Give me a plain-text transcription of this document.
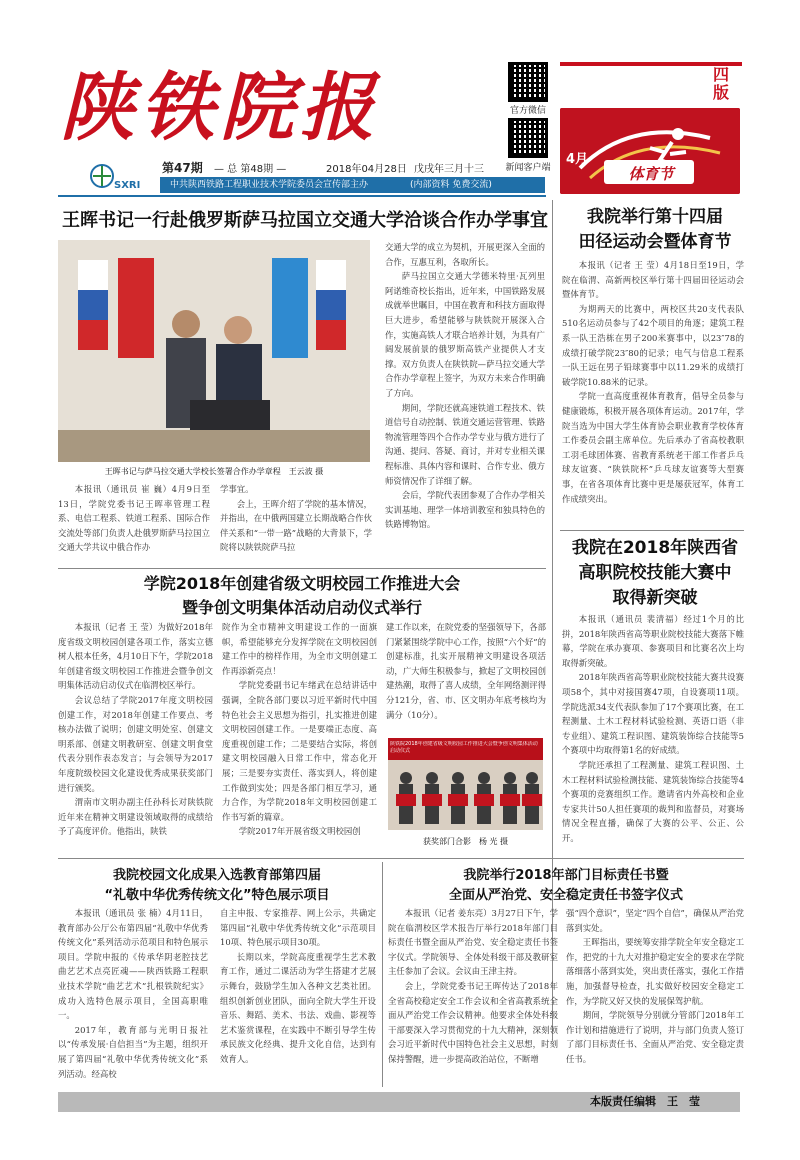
陕铁院报	官方微信
新闻客户端
四版
4月
体育节
SXRI
第47期 — 总 第48期 —	2018年04月28日 戊戌年三月十三
中共陕西铁路工程职业技术学院委员会宣传部主办	(内部资料 免费交流)
王晖书记一行赴俄罗斯萨马拉国立交通大学洽谈合作办学事宜
王晖书记与萨马拉交通大学校长签署合作办学章程　王云波 摄

本报讯（通讯员 崔 巍）4月9日至13日，学院党委书记王晖率管理工程系、电信工程系、铁道工程系、国际合作交流处等部门负责人赴俄罗斯萨马拉国立交通大学共议中俄合作办

学事宜。

会上，王晖介绍了学院的基本情况，并指出，在中俄两国建立长期战略合作伙伴关系和“一带一路”战略的大背景下，学院将以陕铁院萨马拉

交通大学的成立为契机，开展更深入全面的合作，互惠互利，各取所长。

萨马拉国立交通大学德米特里·瓦列里阿诺维奇校长指出，近年来，中国铁路发展成就举世瞩目，中国在教育和科技方面取得巨大进步，希望能够与陕铁院开展深入合作，实施高铁人才联合培养计划，为具有广阔发展前景的俄罗斯高铁产业提供人才支撑。双方负责人在陕铁院—萨马拉交通大学合作办学章程上签字，为双方未来合作明确了方向。

期间，学院还就高速铁道工程技术、铁道信号自动控制、铁道交通运营管理、铁路物流管理等四个合作办学专业与俄方进行了沟通、提问、答疑、商讨，并对专业相关课程标准、具体内容和课时、合作专业、俄方师资情况作了详细了解。

会后，学院代表团参观了合作办学相关实训基地、理学一体培训教室和独具特色的铁路博物馆。

我院举行第十四届
田径运动会暨体育节

本报讯（记者 王 莹）4月18日至19日，学院在临渭、高新两校区举行第十四届田径运动会暨体育节。

为期两天的比赛中，两校区共20支代表队510名运动员参与了42个项目的角逐；建筑工程系一队王浩栋在男子200米赛事中，以23″78的成绩打破学院23″80的记录；电气与信息工程系一队王远在男子铅球赛事中以11.29米的成绩打破学院10.88米的记录。

学院一直高度重视体育教育，倡导全员参与健康锻炼，积极开展各项体育运动。2017年，学院当选为中国大学生体育协会职业教育学校体育工作委员会副主席单位。先后承办了省高校教职工羽毛球团体赛、省教育系统老干部工作者乒乓球友谊赛、“陕铁院杯”乒乓球友谊赛等大型赛事，在省各项体育比赛中更是屡获冠军，体育工作成绩突出。

我院在2018年陕西省
高职院校技能大赛中
取得新突破

本报讯（通讯员 裴清福）经过1个月的比拼，2018年陕西省高等职业院校技能大赛落下帷幕，学院在承办赛项、参赛项目和比赛名次上均取得新突破。

2018年陕西省高等职业院校技能大赛共设赛项58个，其中对接国赛47项，自设赛项11项。学院选派34支代表队参加了17个赛项比赛，在工程测量、土木工程材料试验检测、英语口语（非专业组）、建筑工程识图、建筑装饰综合技能等5个赛项中均取得第1名的好成绩。

学院还承担了工程测量、建筑工程识图、土木工程材料试验检测技能、建筑装饰综合技能等4个赛项的竞赛组织工作。邀请省内外高校和企业专家共计50人担任赛项的裁判和监督员，对赛场情况全程直播，确保了大赛的公平、公正、公开。

学院2018年创建省级文明校园工作推进大会
暨争创文明集体活动启动仪式举行

本报讯（记者 王 莹）为做好2018年度省级文明校园创建各项工作，落实立德树人根本任务，4月10日下午，学院2018年创建省级文明校园工作推进会暨争创文明集体活动启动仪式在临渭校区举行。

会议总结了学院2017年度文明校园创建工作，对2018年创建工作要点、考核办法做了说明；创建文明处室、创建文明系部、创建文明教研室、创建文明食堂代表分别作表态发言；与会领导为2017年度院级校园文化建设优秀成果获奖部门进行颁奖。

渭南市文明办副主任孙科长对陕铁院近年来在精神文明建设领域取得的成绩给予了高度评价。他指出，陕铁

院作为全市精神文明建设工作的一面旗帜，希望能够充分发挥学院在文明校园创建工作中的榜样作用，为全市文明创建工作再添新亮点！

学院党委副书记车绪武在总结讲话中强调，全院各部门要以习近平新时代中国特色社会主义思想为指引，扎实推进创建文明校园创建工作。一是要端正态度、高度重视创建工作；二是要结合实际，将创建文明校园融入日常工作中，常态化开展；三是要夯实责任、落实到人，将创建工作做到实处；四是各部门相互学习，通力合作，为学院2018年文明校园创建工作书写新的篇章。

学院2017年开展省级文明校园创

建工作以来，在院党委的坚强领导下，各部门紧紧围绕学院中心工作，按照“六个好”的创建标准，扎实开展精神文明建设各项活动，广大师生积极参与，掀起了文明校园创建热潮，取得了喜人成绩，全年网络测评得分121分，省、市、区文明办年底考核均为满分（10分）。

陕铁院2018年创建省级文明校园工作推进大会暨争创文明集体活动启动仪式
获奖部门合影　杨 光 摄
我院校园文化成果入选教育部第四届
“礼敬中华优秀传统文化”特色展示项目

本报讯（通讯员 张 楠）4月11日，教育部办公厅公布第四届“礼敬中华优秀传统文化”系列活动示范项目和特色展示项目。学院申报的《传承华阴老腔技艺 曲艺艺术点亮匠魂——陕西铁路工程职业技术学院“曲艺艺术”扎根铁院纪实》成功入选特色展示项目，全国高职唯一。

2017年，教育部与光明日报社以“传承发展·自信担当”为主题，组织开展了第四届“礼敬中华优秀传统文化”系列活动。经高校

自主申报、专家推荐、网上公示，共确定第四届“礼敬中华优秀传统文化”示范项目10项、特色展示项目30项。

长期以来，学院高度重视学生艺术教育工作，通过二课活动为学生搭建才艺展示舞台，鼓励学生加入各种文艺类社团。组织创新创业团队，面向全院大学生开设音乐、舞蹈、美术、书法、戏曲、影视等艺术鉴赏课程，在实践中不断引导学生传承民族文化经典、提升文化自信，达到有效育人。

我院举行2018年部门目标责任书暨
全面从严治党、安全稳定责任书签字仪式

本报讯（记者 姜东亮）3月27日下午，学院在临渭校区学术报告厅举行2018年部门目标责任书暨全面从严治党、安全稳定责任书签字仪式。学院领导、全体处科级干部及教研室主任参加了会议。会议由王津主持。

会上，学院党委书记王晖传达了2018年全省高校稳定安全工作会议和全省高教系统全面从严治党工作会议精神。他要求全体处科级干部要深入学习贯彻党的十九大精神，深刻领会习近平新时代中国特色社会主义思想，时刻保持警醒，进一步提高政治站位，不断增

强“四个意识”，坚定“四个自信”，确保从严治党落到实处。

王晖指出，要统筹安排学院全年安全稳定工作，把党的十九大对推护稳定安全的要求在学院落细落小落到实处，突出责任落实，强化工作措施，加强督导检查，扎实做好校园安全稳定工作，为学院又好又快的发展保驾护航。

期间，学院领导分别就分管部门2018年工作计划和措施进行了说明，并与部门负责人签订了部门目标责任书、全面从严治党、安全稳定责任书。

本版责任编辑　王　莹
